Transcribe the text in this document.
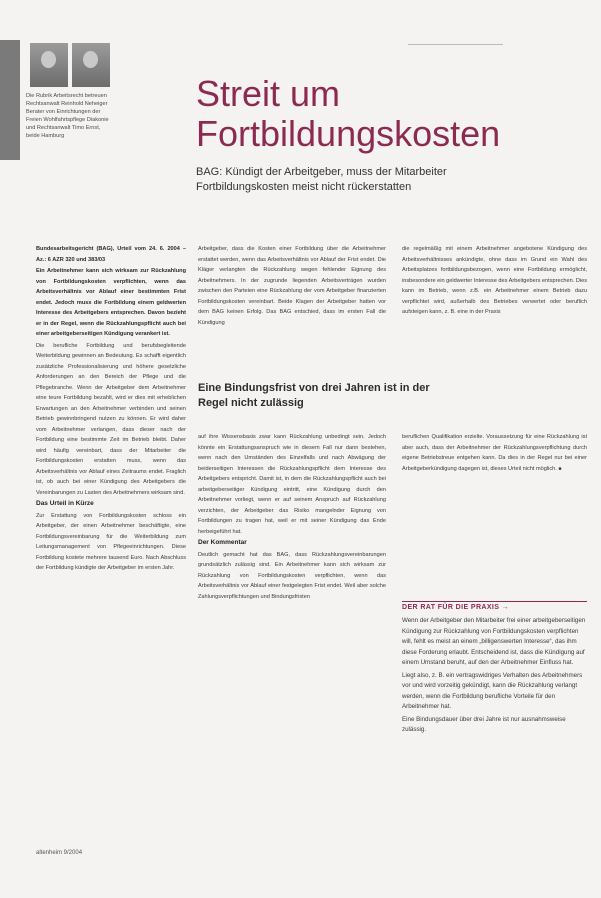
Die Rubrik Arbeitsrecht betreuen
Rechtsanwalt Reinhold Neheiger
Berater von Einrichtungen der
Freien Wohlfahrtspflege Diakonie
und Rechtsanwalt Timo Ernst,
beide Hamburg
Streit um
Fortbildungskosten
BAG: Kündigt der Arbeitgeber, muss der Mitarbeiter Fortbildungskosten meist nicht rückerstatten

Bundesarbeitsgericht (BAG), Urteil vom 24. 6. 2004 – Az.: 6 AZR 320 und 383/03

Ein Arbeitnehmer kann sich wirksam zur Rückzahlung von Fortbildungskosten verpflichten, wenn das Arbeitsverhältnis vor Ablauf einer bestimmten Frist endet. Jedoch muss die Fortbildung einem geldwerten Interesse des Arbeitgebers entsprechen. Davon bezieht er in der Regel, wenn die Rückzahlungspflicht auch bei einer arbeitgeberseitigen Kündigung verankert ist.

Die berufliche Fortbildung und berufsbegleitende Weiterbildung gewinnen an Bedeutung. Es schafft eigentlich zusätzliche Professionalisierung und höhere gesetzliche Anforderungen an den Bereich der Pflege und die Pflegebranche. Wenn der Arbeitgeber dem Arbeitnehmer eine teure Fortbildung bezahlt, wird er dies mit erheblichen Erwartungen an den Arbeitnehmer verbinden und seinen Betrieb gewinnbringend nutzen zu können. Er wird daher vom Arbeitnehmer verlangen, dass dieser nach der Fortbildung eine bestimmte Zeit im Betrieb bleibt. Daher wird häufig vereinbart, dass der Mitarbeiter die Fortbildungskosten erstatten muss, wenn das Arbeitsverhältnis vor Ablauf eines Zeitraums endet. Fraglich ist, ob auch bei einer Kündigung des Arbeitgebers die Vereinbarungen zu Lasten des Arbeitnehmers wirksam sind.

Das Urteil in Kürze

Zur Erstattung von Fortbildungskosten schloss ein Arbeitgeber, der einen Arbeitnehmer beschäftigte, eine Fortbildungsvereinbarung für die Weiterbildung zum Leitungsmanagement von Pflegeeinrichtungen. Diese Fortbildung kostete mehrere tausend Euro. Nach Abschluss der Fortbildung kündigte der Arbeitgeber im ersten Jahr.

Arbeitgeber, dass die Kosten einer Fortbildung über die Arbeitnehmer erstattet werden, wenn das Arbeitsverhältnis vor Ablauf der Frist endet. Die Kläger verlangten die Rückzahlung wegen fehlender Eignung des Arbeitnehmers. In der zugrunde liegenden Arbeitsverträgen wurden zwischen den Parteien eine Rückzahlung der vom Arbeitgeber finanzierten Fortbildungskosten vereinbart. Beide Klagen der Arbeitgeber hatten vor dem BAG keinen Erfolg. Das BAG entschied, dass im ersten Fall die Kündigung

die regelmäßig mit einem Arbeitnehmer angebotene Kündigung des Arbeitsverhältnisses ankündigte, ohne dass im Grund ein Wahl des Arbeitsplatzes fortbildungsbezogen, wenn eine Fortbildung ermöglicht, insbesondere ein geldwerter Interesse des Arbeitgebers entsprechen. Dies kann im Betrieb, wenn z.B. ein Arbeitnehmer einem Betrieb dazu verpflichtet wird, außerhalb des Betriebes verwertet oder beruflich aufsteigen kann, z. B. eine in der Praxis

Eine Bindungsfrist von drei Jahren ist in der Regel nicht zulässig

auf ihre Wissensbasis zwar kann Rückzahlung unbedingt sein. Jedoch könnte ein Erstattungsanspruch wie in diesem Fall nur dann bestehen, wenn nach den Umständen des Einzelfalls und nach Abwägung der beiderseitigen Interessen die Rückzahlungspflicht dem Interesse des Arbeitgebers entspricht. Damit ist, in dem die Rückzahlungspflicht auch bei arbeitgeberseitiger Kündigung eintritt, eine Kündigung durch den Arbeitnehmer vorliegt, wenn er auf seinem Anspruch auf Rückzahlung verzichten, der Arbeitgeber das Risiko mangelnder Eignung von Fortbildungen zu tragen hat, weil er mit seiner Kündigung das Ende herbeigeführt hat.

Der Kommentar

Deutlich gemacht hat das BAG, dass Rückzahlungsvereinbarungen grundsätzlich zulässig sind. Ein Arbeitnehmer kann sich wirksam zur Rückzahlung von Fortbildungskosten verpflichten, wenn das Arbeitsverhältnis vor Ablauf einer festgelegten Frist endet. Weil aber solche Zahlungsverpflichtungen und Bindungsfristen

beruflichen Qualifikation erzielte. Voraussetzung für eine Rückzahlung ist aber auch, dass der Arbeitnehmer der Rückzahlungsverpflichtung durch eigene Betriebstreue entgehen kann. Da dies in der Regel nur bei einer Arbeitgeberkündigung dagegen ist, dieses Urteil nicht möglich. ■

DER RAT FÜR DIE PRAXIS →

Wenn der Arbeitgeber den Mitarbeiter frei einer arbeitgeberseitigen Kündigung zur Rückzahlung von Fortbildungskosten verpflichten will, fehlt es meist an einem „billigenswerten Interesse“, das ihm diese Forderung erlaubt. Entscheidend ist, dass die Kündigung auf einem Umstand beruht, auf den der Arbeitnehmer Einfluss hat.

Liegt also, z. B. ein vertragswidriges Verhalten des Arbeitnehmers vor und wird vorzeitig gekündigt, kann die Rückzahlung verlangt werden, wenn die Fortbildung berufliche Vorteile für den Arbeitnehmer hat.

Eine Bindungsdauer über drei Jahre ist nur ausnahmsweise zulässig.

altenheim 9/2004
